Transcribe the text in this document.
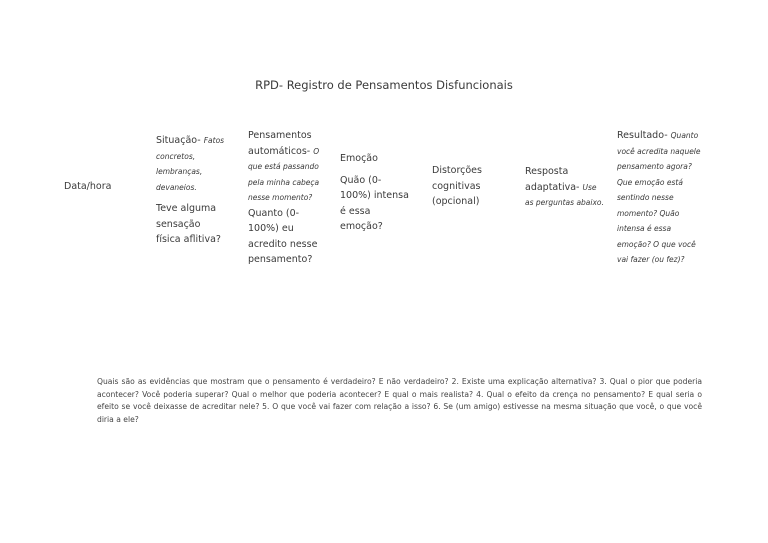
RPD- Registro de Pensamentos Disfuncionais
Data/hora

Situação- Fatos concretos, lembranças, devaneios.

Teve alguma sensação física aflitiva?

Pensamentos automáticos- O que está passando pela minha cabeça nesse momento?

Quanto (0-100%) eu acredito nesse pensamento?

Emoção

Quão (0-100%) intensa é essa emoção?

Distorções cognitivas (opcional)

Resposta adaptativa- Use as perguntas abaixo.

Resultado- Quanto você acredita naquele pensamento agora? Que emoção está sentindo nesse momento? Quão intensa é essa emoção? O que você vai fazer (ou fez)?

Quais são as evidências que mostram que o pensamento é verdadeiro? E não verdadeiro? 2. Existe uma explicação alternativa? 3. Qual o pior que poderia acontecer? Você poderia superar? Qual o melhor que poderia acontecer? E qual o mais realista? 4. Qual o efeito da crença no pensamento? E qual seria o efeito se você deixasse de acreditar nele? 5. O que você vai fazer com relação a isso? 6. Se (um amigo) estivesse na mesma situação que você, o que você diria a ele?
